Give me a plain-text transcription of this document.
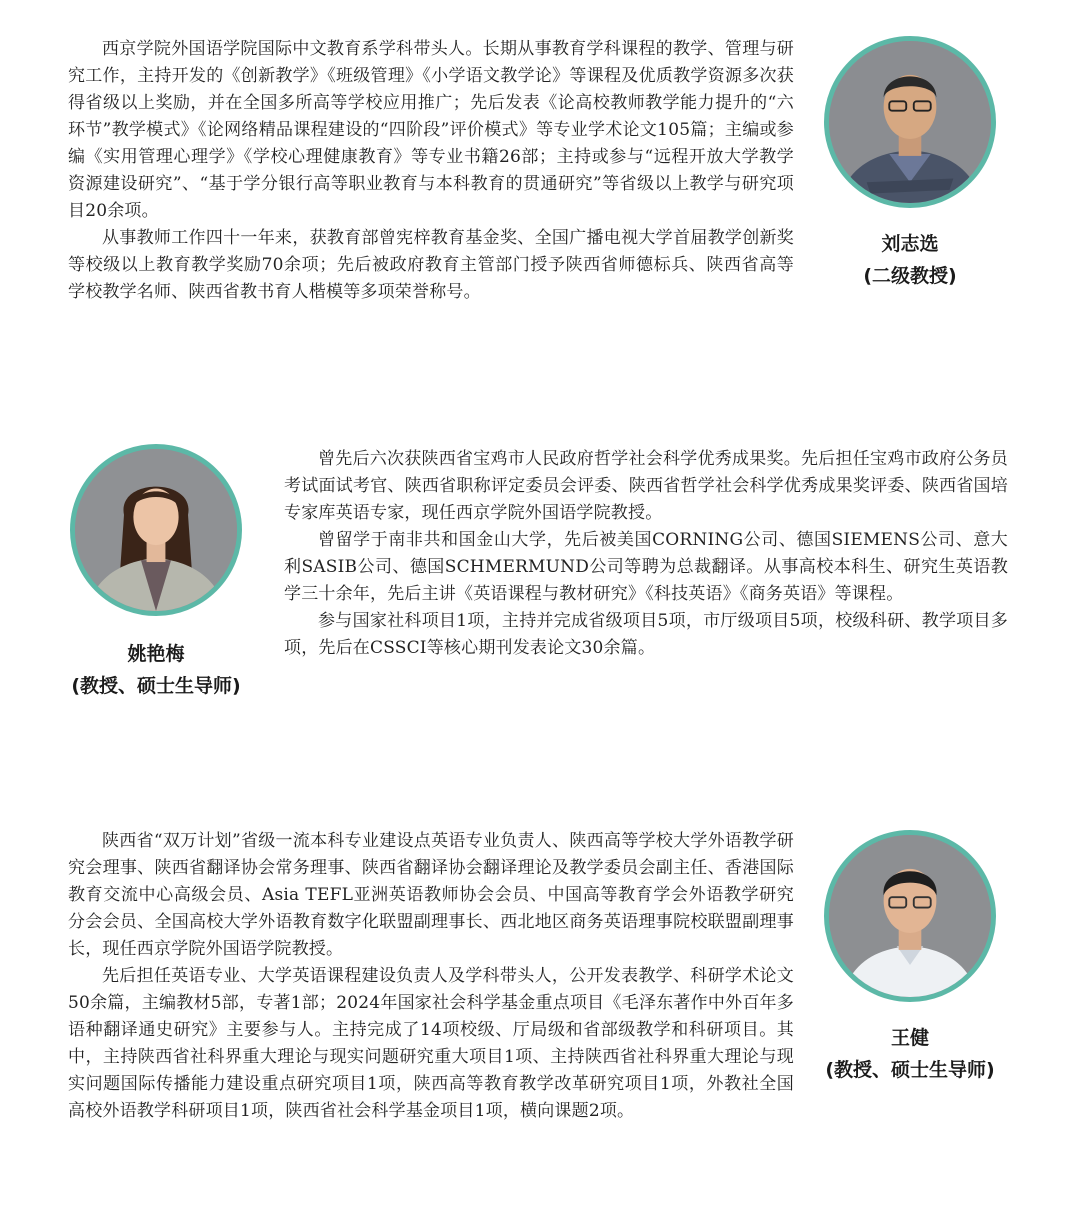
西京学院外国语学院国际中文教育系学科带头人。长期从事教育学科课程的教学、管理与研究工作，主持开发的《创新教学》《班级管理》《小学语文教学论》等课程及优质教学资源多次获得省级以上奖励，并在全国多所高等学校应用推广；先后发表《论高校教师教学能力提升的“六环节”教学模式》《论网络精品课程建设的“四阶段”评价模式》等专业学术论文105篇；主编或参编《实用管理心理学》《学校心理健康教育》等专业书籍26部；主持或参与“远程开放大学教学资源建设研究”、“基于学分银行高等职业教育与本科教育的贯通研究”等省级以上教学与研究项目20余项。

从事教师工作四十一年来，获教育部曾宪梓教育基金奖、全国广播电视大学首届教学创新奖等校级以上教育教学奖励70余项；先后被政府教育主管部门授予陕西省师德标兵、陕西省高等学校教学名师、陕西省教书育人楷模等多项荣誉称号。

刘志选
(二级教授)
姚艳梅
(教授、硕士生导师)

曾先后六次获陕西省宝鸡市人民政府哲学社会科学优秀成果奖。先后担任宝鸡市政府公务员考试面试考官、陕西省职称评定委员会评委、陕西省哲学社会科学优秀成果奖评委、陕西省国培专家库英语专家，现任西京学院外国语学院教授。

曾留学于南非共和国金山大学，先后被美国CORNING公司、德国SIEMENS公司、意大利SASIB公司、德国SCHMERMUND公司等聘为总裁翻译。从事高校本科生、研究生英语教学三十余年，先后主讲《英语课程与教材研究》《科技英语》《商务英语》等课程。

参与国家社科项目1项，主持并完成省级项目5项，市厅级项目5项，校级科研、教学项目多项，先后在CSSCI等核心期刊发表论文30余篇。

陕西省“双万计划”省级一流本科专业建设点英语专业负责人、陕西高等学校大学外语教学研究会理事、陕西省翻译协会常务理事、陕西省翻译协会翻译理论及教学委员会副主任、香港国际教育交流中心高级会员、Asia TEFL亚洲英语教师协会会员、中国高等教育学会外语教学研究分会会员、全国高校大学外语教育数字化联盟副理事长、西北地区商务英语理事院校联盟副理事长，现任西京学院外国语学院教授。

先后担任英语专业、大学英语课程建设负责人及学科带头人，公开发表教学、科研学术论文50余篇，主编教材5部，专著1部；2024年国家社会科学基金重点项目《毛泽东著作中外百年多语种翻译通史研究》主要参与人。主持完成了14项校级、厅局级和省部级教学和科研项目。其中，主持陕西省社科界重大理论与现实问题研究重大项目1项、主持陕西省社科界重大理论与现实问题国际传播能力建设重点研究项目1项，陕西高等教育教学改革研究项目1项，外教社全国高校外语教学科研项目1项，陕西省社会科学基金项目1项，横向课题2项。

王健
(教授、硕士生导师)
